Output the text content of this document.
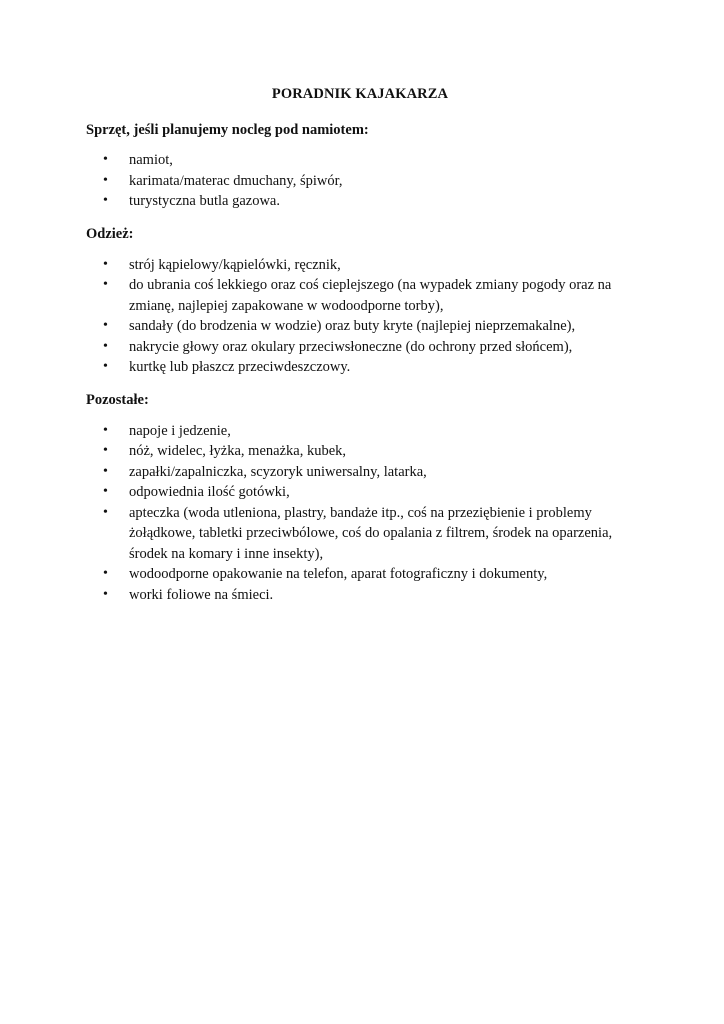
PORADNIK KAJAKARZA
Sprzęt, jeśli planujemy nocleg pod namiotem:
• namiot,
• karimata/materac dmuchany, śpiwór,
• turystyczna butla gazowa.
Odzież:
• strój kąpielowy/kąpielówki, ręcznik,
• do ubrania coś lekkiego oraz coś cieplejszego (na wypadek zmiany pogody oraz na zmianę, najlepiej zapakowane w wodoodporne torby),
• sandały (do brodzenia w wodzie) oraz buty kryte (najlepiej nieprzemakalne),
• nakrycie głowy oraz okulary przeciwsłoneczne (do ochrony przed słońcem),
• kurtkę lub płaszcz przeciwdeszczowy.
Pozostałe:
• napoje i jedzenie,
• nóż, widelec, łyżka, menażka, kubek,
• zapałki/zapalniczka, scyzoryk uniwersalny, latarka,
• odpowiednia ilość gotówki,
• apteczka (woda utleniona, plastry, bandaże itp., coś na przeziębienie i problemy żołądkowe, tabletki przeciwbólowe, coś do opalania z filtrem, środek na oparzenia, środek na komary i inne insekty),
• wodoodporne opakowanie na telefon, aparat fotograficzny i dokumenty,
• worki foliowe na śmieci.
